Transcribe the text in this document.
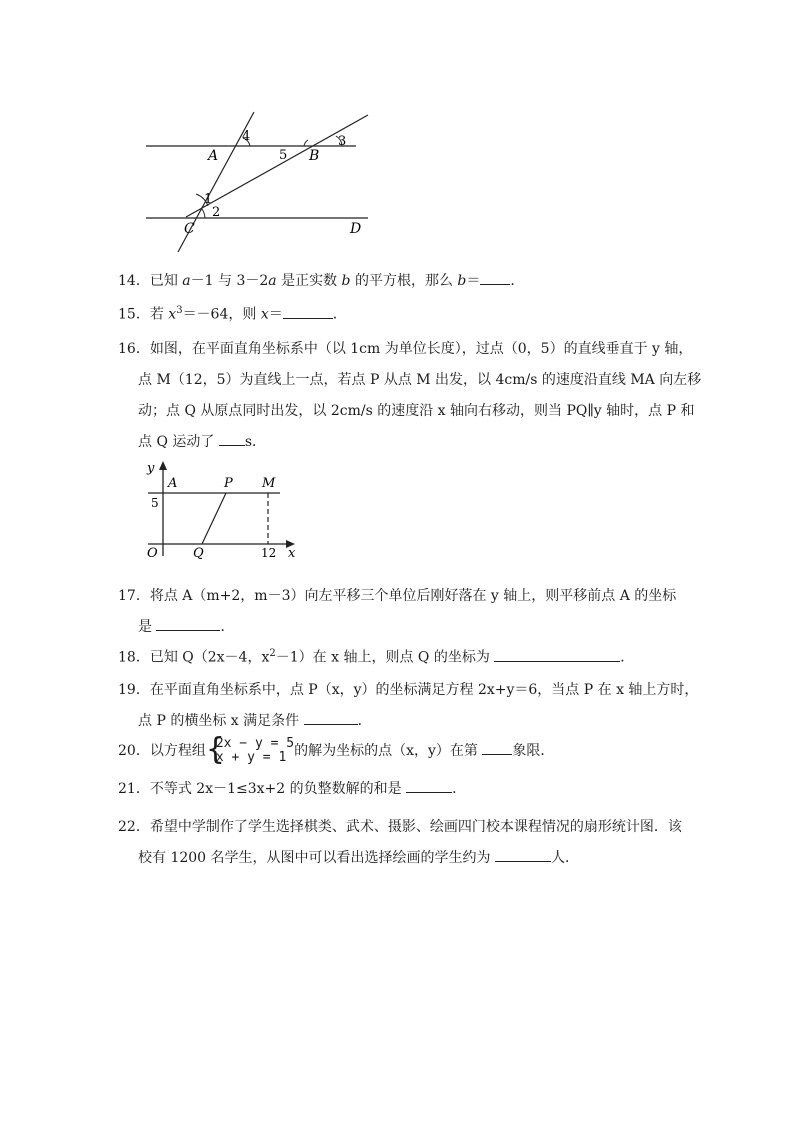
4
A	5 B
3
1
2
C	D
14．已知 a－1 与 3－2a 是正实数 b 的平方根，那么 b＝ ．
15．若 $x^3=-64$，则 x＝	．
16．如图，在平面直角坐标系中（以 1cm 为单位长度），过点（0，5）的直线垂直于 y 轴，
点 M（12，5）为直线上一点，若点 P 从点 M 出发，以 4cm/s 的速度沿直线 MA 向左移
动；点 Q 从原点同时出发，以 2cm/s 的速度沿 x 轴向右移动，则当 PQ∥y 轴时，点 P 和
点 Q 运动了 s．
y
A	P M
5
O	Q	12 x
17．将点 A（m+2，m－3）向左平移三个单位后刚好落在 y 轴上，则平移前点 A 的坐标
是	．
18．已知 Q（2x－4，$x^2-1$）在 x 轴上，则点 Q 的坐标为	．
19．在平面直角坐标系中，点 P（x，y）的坐标满足方程 2x+y＝6，当点 P 在 x 轴上方时，
点 P 的横坐标 x 满足条件	．
20．以方程组 {
2x − y = 5
x + y = 1 的解为坐标的点（x，y）在第 象限．
21．不等式 2x－1≤3x+2 的负整数解的和是	．
22．希望中学制作了学生选择棋类、武术、摄影、绘画四门校本课程情况的扇形统计图．该
校有 1200 名学生，从图中可以看出选择绘画的学生约为	人．
